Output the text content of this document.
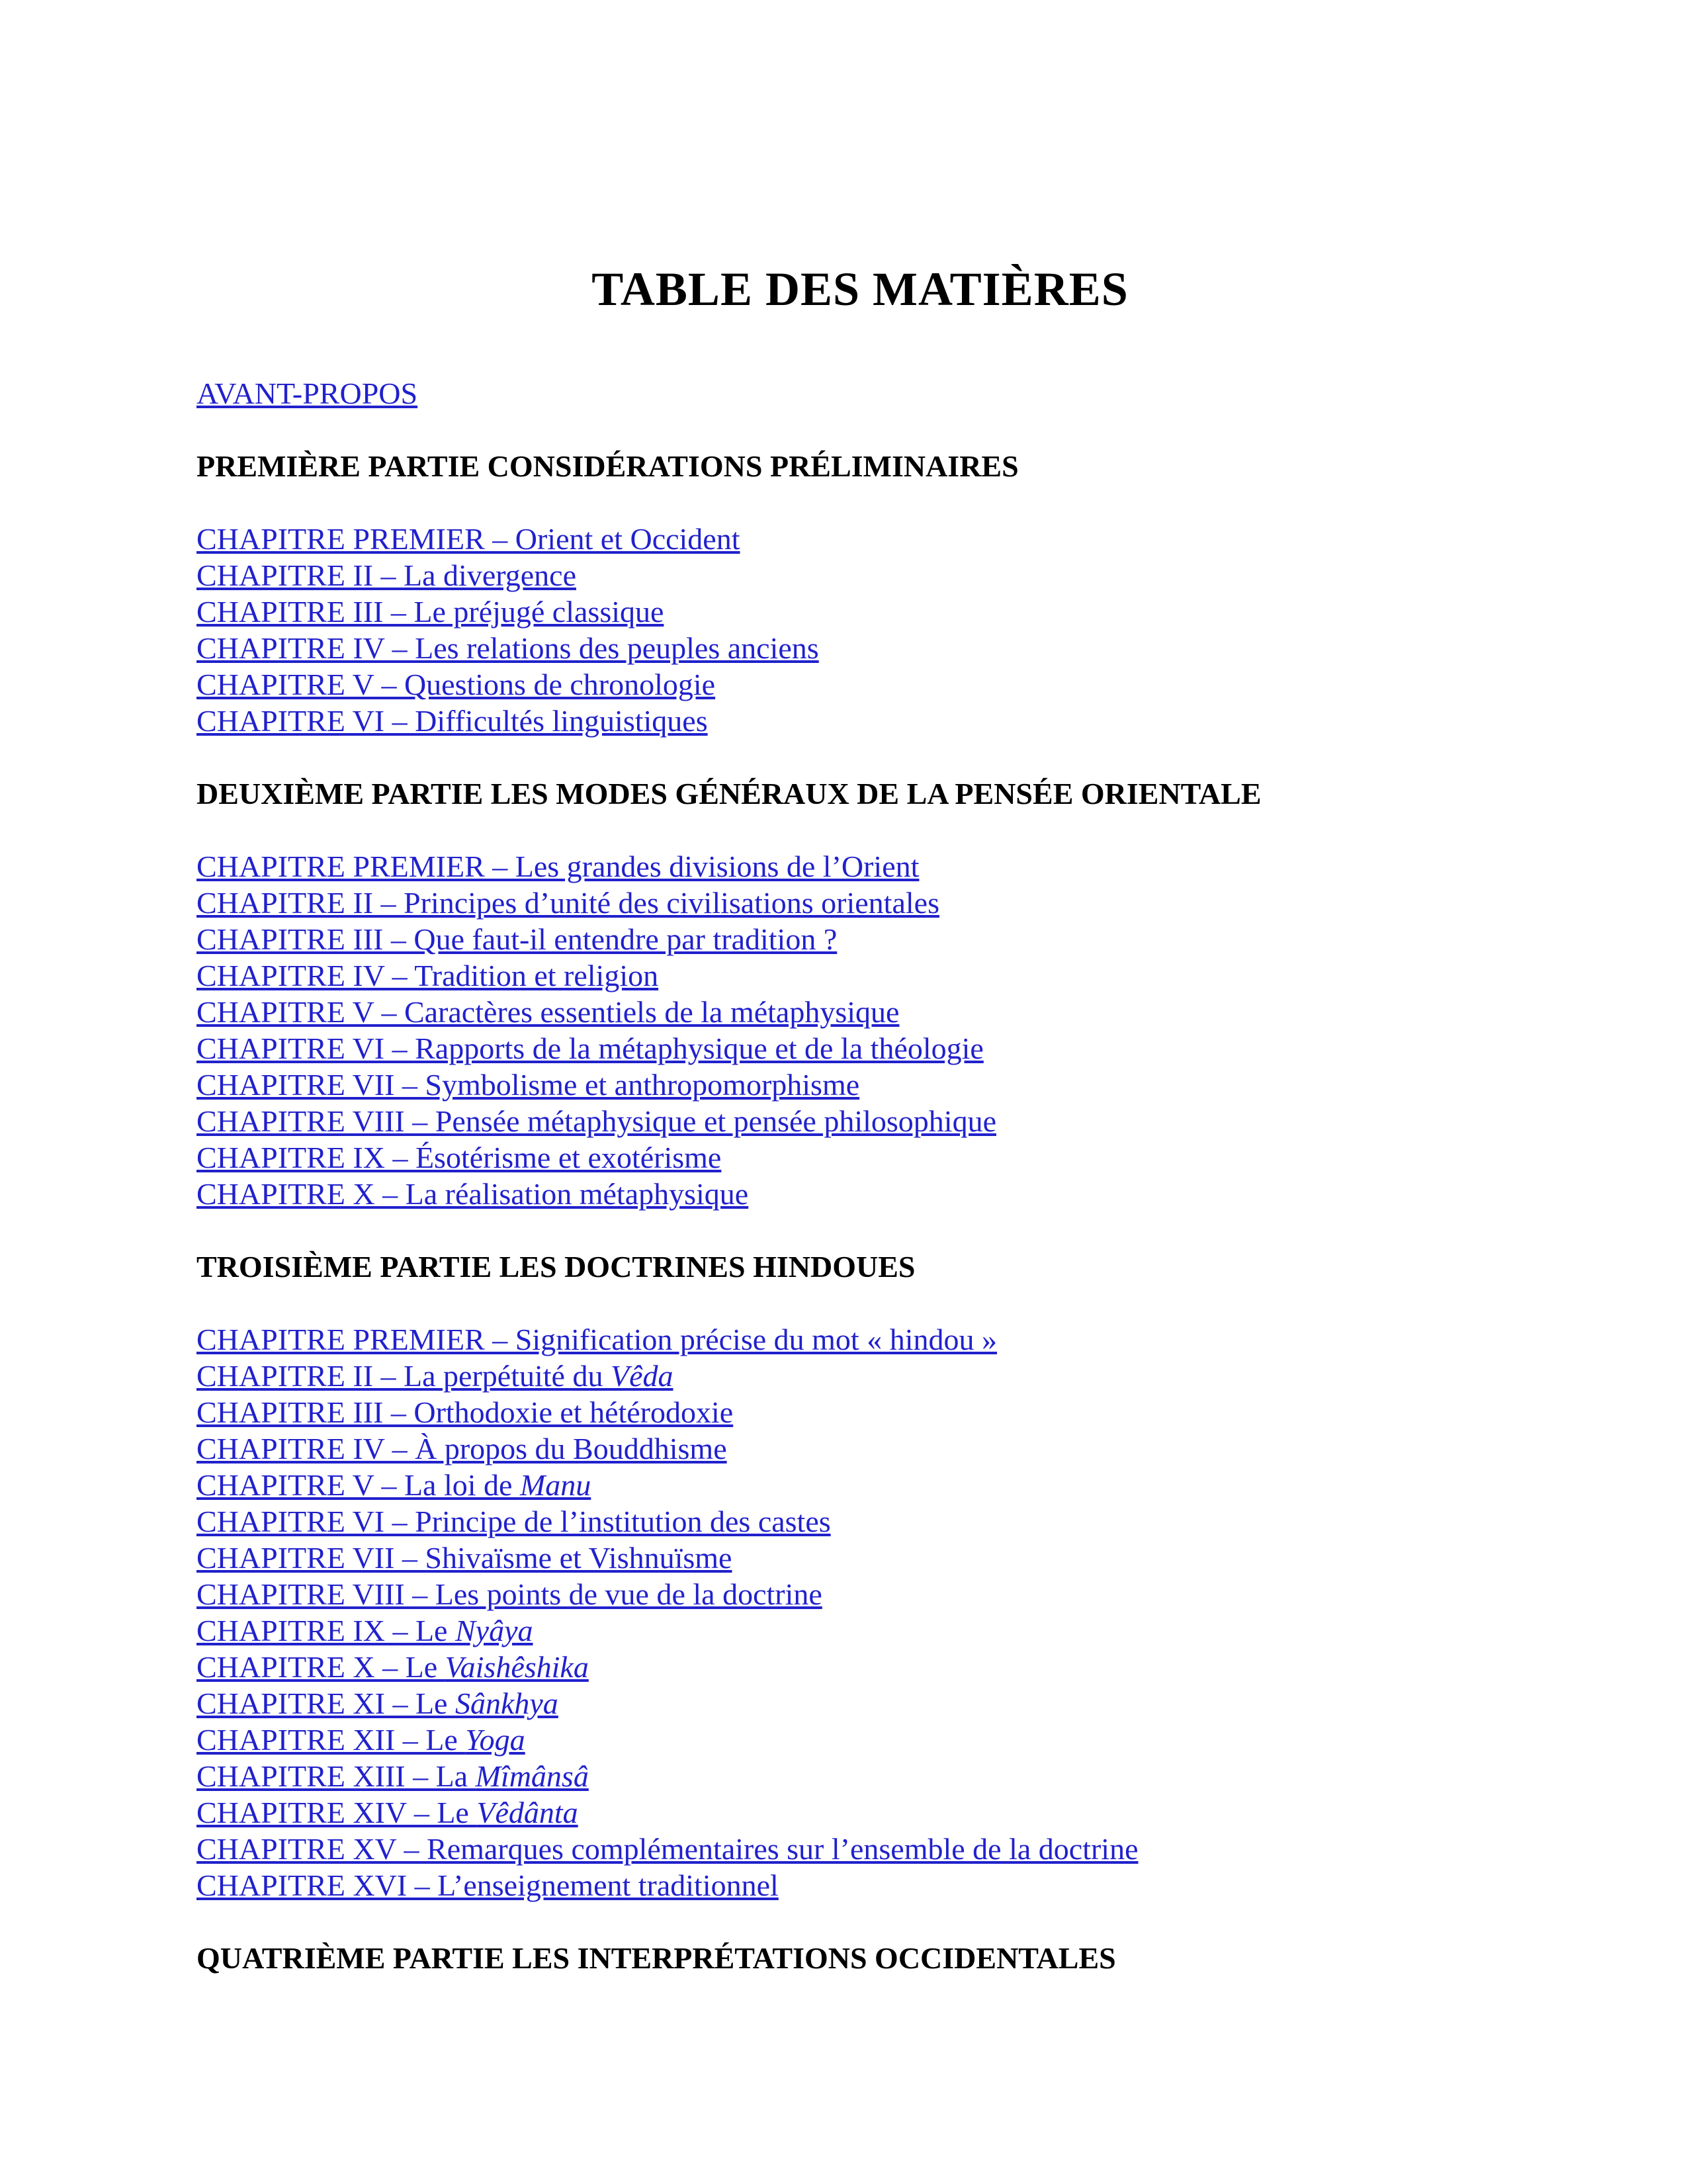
TABLE DES MATIÈRES
AVANT-PROPOS
PREMIÈRE PARTIE CONSIDÉRATIONS PRÉLIMINAIRES
CHAPITRE PREMIER – Orient et Occident
CHAPITRE II – La divergence
CHAPITRE III – Le préjugé classique
CHAPITRE IV – Les relations des peuples anciens
CHAPITRE V – Questions de chronologie
CHAPITRE VI – Difficultés linguistiques
DEUXIÈME PARTIE LES MODES GÉNÉRAUX DE LA PENSÉE ORIENTALE
CHAPITRE PREMIER – Les grandes divisions de l’Orient
CHAPITRE II – Principes d’unité des civilisations orientales
CHAPITRE III – Que faut-il entendre par tradition ?
CHAPITRE IV – Tradition et religion
CHAPITRE V – Caractères essentiels de la métaphysique
CHAPITRE VI – Rapports de la métaphysique et de la théologie
CHAPITRE VII – Symbolisme et anthropomorphisme
CHAPITRE VIII – Pensée métaphysique et pensée philosophique
CHAPITRE IX – Ésotérisme et exotérisme
CHAPITRE X – La réalisation métaphysique
TROISIÈME PARTIE LES DOCTRINES HINDOUES
CHAPITRE PREMIER – Signification précise du mot « hindou »
CHAPITRE II – La perpétuité du Vêda
CHAPITRE III – Orthodoxie et hétérodoxie
CHAPITRE IV – À propos du Bouddhisme
CHAPITRE V – La loi de Manu
CHAPITRE VI – Principe de l’institution des castes
CHAPITRE VII – Shivaïsme et Vishnuïsme
CHAPITRE VIII – Les points de vue de la doctrine
CHAPITRE IX – Le Nyâya
CHAPITRE X – Le Vaishêshika
CHAPITRE XI – Le Sânkhya
CHAPITRE XII – Le Yoga
CHAPITRE XIII – La Mîmânsâ
CHAPITRE XIV – Le Vêdânta
CHAPITRE XV – Remarques complémentaires sur l’ensemble de la doctrine
CHAPITRE XVI – L’enseignement traditionnel
QUATRIÈME PARTIE LES INTERPRÉTATIONS OCCIDENTALES
